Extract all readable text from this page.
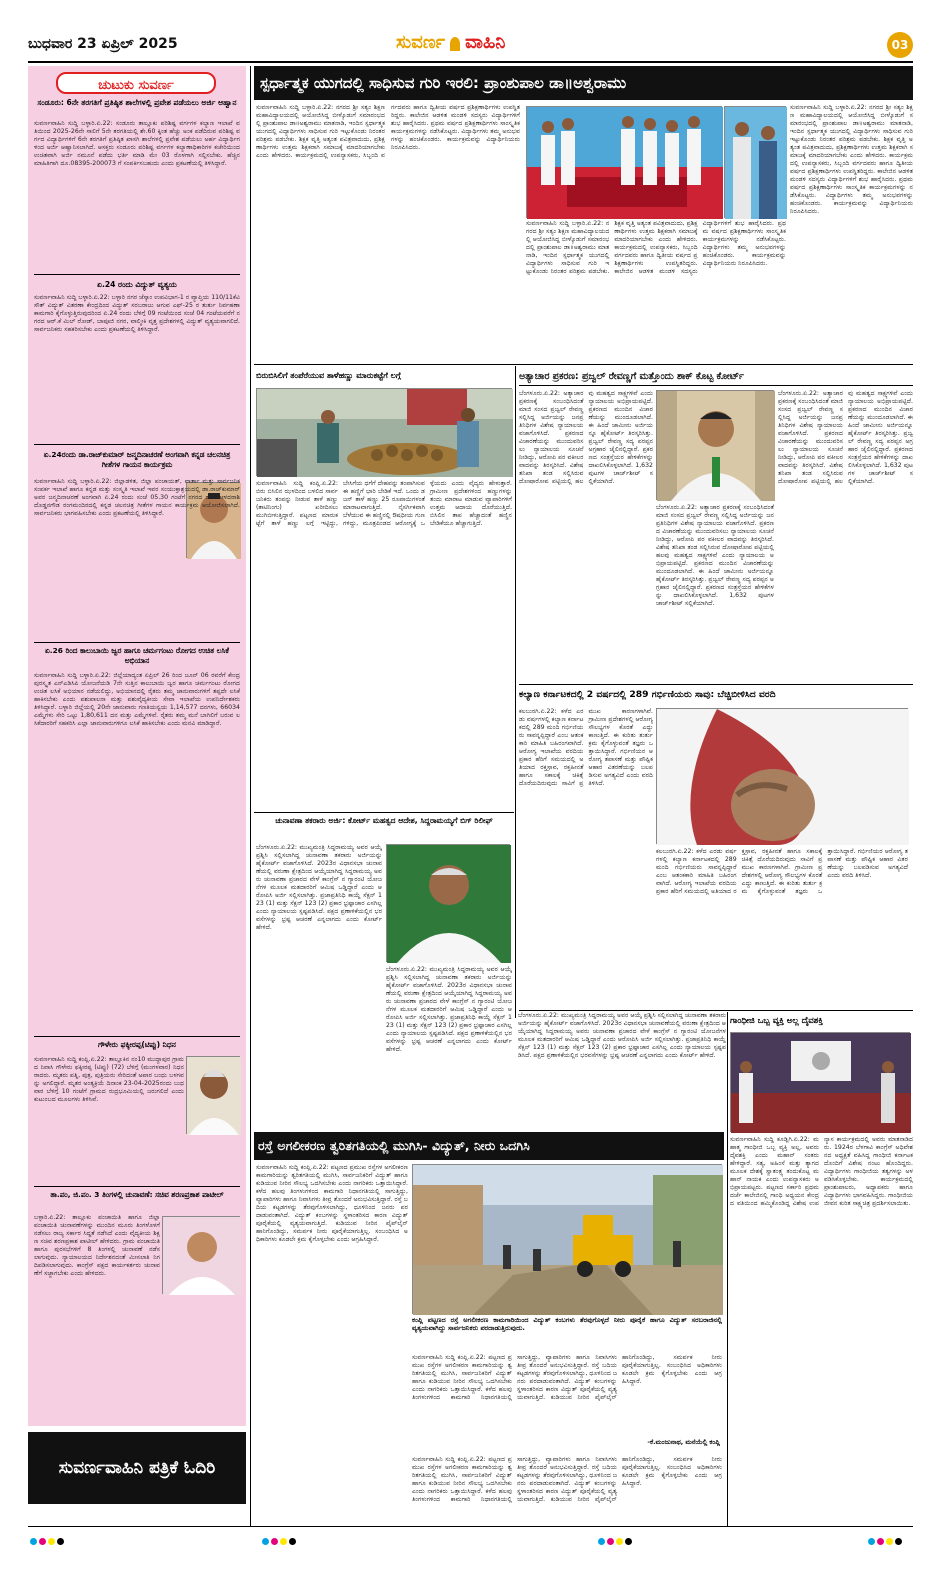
ಬುಧವಾರ 23 ಏಪ್ರಿಲ್ 2025	ಸುವರ್ಣ ವಾಹಿನಿ	03
ಚುಟುಕು ಸುವರ್ಣ
ಸಂಡೂರು: 6ನೇ ತರಗತಿಗೆ ಪ್ರತಿಷ್ಠಿತ ಶಾಲೆಗಳಲ್ಲಿ ಪ್ರವೇಶ ಪಡೆಯಲು ಅರ್ಜಿ ಆಹ್ವಾನ
ಸುವರ್ಣವಾಹಿನಿ ಸುದ್ದಿ ಬಳ್ಳಾರಿ.ಏ.22: ಸಂಡೂರು ತಾಲ್ಲೂಕು ಪರಿಶಿಷ್ಟ ವರ್ಗಗಳ ಕಲ್ಯಾಣ ಇಲಾಖೆ ವತಿಯಿಂದ 2025-26ನೇ ಸಾಲಿಗೆ 5ನೇ ತರಗತಿಯಲ್ಲಿ ಶೇ.60 ಕ್ಕಿಂತ ಹೆಚ್ಚು ಅಂಕ ಪಡೆದಿರುವ ಪರಿಶಿಷ್ಟ ವರ್ಗದ ವಿದ್ಯಾರ್ಥಿಗಳಿಗೆ 6ನೇ ತರಗತಿಗೆ ಪ್ರತಿಷ್ಠಿತ ಖಾಸಗಿ ಶಾಲೆಗಳಲ್ಲಿ ಪ್ರವೇಶ ಪಡೆಯಲು ಅರ್ಹ ವಿದ್ಯಾರ್ಥಿಗಳಿಂದ ಅರ್ಜಿ ಆಹ್ವಾನಿಸಲಾಗಿದೆ. ಆಸಕ್ತರು ಸಂಡೂರು ಪರಿಶಿಷ್ಟ ವರ್ಗಗಳ ಕಲ್ಯಾಣಾಧಿಕಾರಿಗಳ ಕಚೇರಿಯಿಂದ ಉಚಿತವಾಗಿ ಅರ್ಜಿ ನಮೂನೆ ಪಡೆದು ಭರ್ತಿ ಮಾಡಿ ಮೇ 03 ರೊಳಗಾಗಿ ಸಲ್ಲಿಸಬೇಕು. ಹೆಚ್ಚಿನ ಮಾಹಿತಿಗಾಗಿ ದೂ.08395-200073 ಗೆ ಸಂಪರ್ಕಿಸಬಹುದು ಎಂದು ಪ್ರಕಟಣೆಯಲ್ಲಿ ತಿಳಿಸಿದ್ದಾರೆ.
ಏ.24 ರಂದು ವಿದ್ಯುತ್ ವ್ಯತ್ಯಯ
ಸುವರ್ಣವಾಹಿನಿ ಸುದ್ದಿ ಬಳ್ಳಾರಿ.ಏ.22: ಬಳ್ಳಾರಿ ನಗರ ಜೆಸ್ಕಾಂ ಉಪವಿಭಾಗ-1 ರ ವ್ಯಾಪ್ತಿಯ 110/11ಕೆವಿ ಸೌತ್ ವಿದ್ಯುತ್ ವಿತರಣಾ ಕೇಂದ್ರದಿಂದ ವಿದ್ಯುತ್ ಸರಬರಾಜು ಆಗುವ ಎಫ್-25 ರ ತುರ್ತು ನಿರ್ವಹಣಾ ಕಾಮಗಾರಿ ಕೈಗೊಳ್ಳುತ್ತಿರುವುದರಿಂದ ಏ.24 ರಂದು ಬೆಳಿಗ್ಗೆ 09 ಗಂಟೆಯಿಂದ ಸಂಜೆ 04 ಗಂಟೆಯವರೆಗೆ ನಗರದ ಆರ್.ಕೆ ಮಿಲ್ ರೋಡ್, ಬಾಪೂಜಿ ನಗರ, ವಾಲ್ಮೀಕಿ ವೃತ್ತ ಪ್ರದೇಶಗಳಲ್ಲಿ ವಿದ್ಯುತ್ ವ್ಯತ್ಯಯವಾಗಲಿದೆ. ಸಾರ್ವಜನಿಕರು ಸಹಕರಿಸಬೇಕು ಎಂದು ಪ್ರಕಟಣೆಯಲ್ಲಿ ತಿಳಿಸಿದ್ದಾರೆ.
ಏ.24ರಂದು ಡಾ.ರಾಜ್‌ಕುಮಾರ್ ಜನ್ಮದಿನಾಚರಣೆ ಅಂಗವಾಗಿ ಕನ್ನಡ ಚಲನಚಿತ್ರ ಗೀತೆಗಳ ಗಾಯನ ಕಾರ್ಯಕ್ರಮ
ಸುವರ್ಣವಾಹಿನಿ ಸುದ್ದಿ ಬಳ್ಳಾರಿ.ಏ.22: ಜಿಲ್ಲಾಡಳಿತ, ಜಿಲ್ಲಾ ಪಂಚಾಯತ್, ವಾರ್ತಾ ಮತ್ತು ಸಾರ್ವಜನಿಕ ಸಂಪರ್ಕ ಇಲಾಖೆ ಹಾಗೂ ಕನ್ನಡ ಮತ್ತು ಸಂಸ್ಕೃತಿ ಇಲಾಖೆ ಇವರ ಸಂಯುಕ್ತಾಶ್ರಯದಲ್ಲಿ ಡಾ.ರಾಜ್‌ಕುಮಾರ್ ಅವರ ಜನ್ಮದಿನಾಚರಣೆ ಅಂಗವಾಗಿ ಏ.24 ರಂದು ಸಂಜೆ 05.30 ಗಂಟೆಗೆ ನಗರದ ಡಾ.ಜೋಳದರಾಶಿ ದೊಡ್ಡನಗೌಡ ರಂಗಮಂದಿರದಲ್ಲಿ ಕನ್ನಡ ಚಲನಚಿತ್ರ ಗೀತೆಗಳ ಗಾಯನ ಕಾರ್ಯಕ್ರಮ ಆಯೋಜಿಸಲಾಗಿದೆ. ಸಾರ್ವಜನಿಕರು ಭಾಗವಹಿಸಬೇಕು ಎಂದು ಪ್ರಕಟಣೆಯಲ್ಲಿ ತಿಳಿಸಿದ್ದಾರೆ.
ಏ.26 ರಿಂದ ಕಾಲುಬಾಯಿ ಜ್ವರ ಹಾಗೂ ಚರ್ಮಗಂಟು ರೋಗದ ಉಚಿತ ಲಸಿಕೆ ಅಭಿಯಾನ
ಸುವರ್ಣವಾಹಿನಿ ಸುದ್ದಿ ಬಳ್ಳಾರಿ.ಏ.22: ಜಿಲ್ಲೆಯಾದ್ಯಂತ ಏಪ್ರಿಲ್ 26 ರಿಂದ ಜೂನ್ 06 ರವರೆಗೆ ಕೇಂದ್ರ ಪುರಸ್ಕೃತ ಎನ್‌ಎಡಿಸಿಪಿ ಯೋಜನೆಯಡಿ 7ನೇ ಸುತ್ತಿನ ಕಾಲುಬಾಯಿ ಜ್ವರ ಹಾಗೂ ಚರ್ಮಗಂಟು ರೋಗದ ಉಚಿತ ಲಸಿಕೆ ಅಭಿಯಾನ ನಡೆಯಲಿದ್ದು, ಅಭಿಯಾನದಲ್ಲಿ ರೈತರು ತಮ್ಮ ಜಾನುವಾರುಗಳಿಗೆ ತಪ್ಪದೇ ಲಸಿಕೆ ಹಾಕಿಸಬೇಕು ಎಂದು ಪಶುಪಾಲನಾ ಮತ್ತು ಪಶುವೈದ್ಯಕೀಯ ಸೇವಾ ಇಲಾಖೆಯ ಉಪನಿರ್ದೇಶಕರು ತಿಳಿಸಿದ್ದಾರೆ. ಬಳ್ಳಾರಿ ಜಿಲ್ಲೆಯಲ್ಲಿ 20ನೇ ಜಾನುವಾರು ಗಣತಿಯನ್ವಯ 1,14,577 ದನಗಳು, 66034 ಎಮ್ಮೆಗಳು ಸೇರಿ ಒಟ್ಟು 1,80,611 ದನ ಮತ್ತು ಎಮ್ಮೆಗಳಿವೆ. ರೈತರು ತಮ್ಮ ಮನೆ ಬಾಗಿಲಿಗೆ ಬರುವ ಲಸಿಕೆದಾರರಿಗೆ ಸಹಕರಿಸಿ ಎಲ್ಲಾ ಜಾನುವಾರುಗಳಿಗೂ ಲಸಿಕೆ ಹಾಕಿಸಬೇಕು ಎಂದು ಮನವಿ ಮಾಡಿದ್ದಾರೆ.
ಗೌಳೇರು ಫಕ್ಕೀರಪ್ಪ(ಟಿಪ್ಪು) ನಿಧನ
ಸುವರ್ಣವಾಹಿನಿ ಸುದ್ದಿ ಕಂಪ್ಲಿ.ಏ.22: ತಾಲ್ಲೂಕಿನ ನಂ10 ಮುದ್ದಾಪುರ ಗ್ರಾಮದ ನಿವಾಸಿ ಗೌಳೇರು ಫಕ್ಕೀರಪ್ಪ (ಟಿಪ್ಪು) (72) ಬೆಳಿಗ್ಗೆ (ಮಂಗಳವಾರ) ನಿಧನರಾದರು. ಮೃತರು ಪತ್ನಿ, ಪುತ್ರ, ಪುತ್ರಿಯರು ಸೇರಿದಂತೆ ಅಪಾರ ಬಂಧು ಬಳಗವನ್ನು ಅಗಲಿದ್ದಾರೆ. ಮೃತರ ಅಂತ್ಯಕ್ರಿಯೆ ದಿನಾಂಕ 23-04-2025ರಂದು ಬುಧವಾರ ಬೆಳಿಗ್ಗೆ 10 ಗಂಟೆಗೆ ಗ್ರಾಮದ ರುದ್ರಭೂಮಿಯಲ್ಲಿ ಜರುಗಲಿದೆ ಎಂದು ಕುಟುಂಬದ ಮೂಲಗಳು ತಿಳಿಸಿವೆ.
ತಾ.ಪಂ, ಜಿ.ಪಂ. 3 ತಿಂಗಳಲ್ಲಿ ಚುನಾವಣೆ: ಸಚಿವ ಶರಣಪ್ರಕಾಶ ಪಾಟೀಲ್
ಬಳ್ಳಾರಿ.ಏ.22: ತಾಲ್ಲೂಕು ಪಂಚಾಯಿತಿ ಹಾಗೂ ಜಿಲ್ಲಾ ಪಂಚಾಯಿತಿ ಚುನಾವಣೆಗಳನ್ನು ಮುಂದಿನ ಮೂರು ತಿಂಗಳೊಳಗೆ ನಡೆಸಲು ರಾಜ್ಯ ಸರ್ಕಾರ ಸಿದ್ಧತೆ ನಡೆಸಿದೆ ಎಂದು ವೈದ್ಯಕೀಯ ಶಿಕ್ಷಣ ಸಚಿವ ಶರಣಪ್ರಕಾಶ ಪಾಟೀಲ್ ಹೇಳಿದರು. ಗ್ರಾಮ ಪಂಚಾಯಿತಿ ಹಾಗೂ ಪುರಸಭೆಗಳಿಗೆ 8 ತಿಂಗಳಲ್ಲಿ ಚುನಾವಣೆ ನಡೆಸಲಾಗುವುದು. ನ್ಯಾಯಾಲಯದ ನಿರ್ದೇಶನದಂತೆ ಮೀಸಲಾತಿ ನಿಗದಿಪಡಿಸಲಾಗುವುದು. ಕಾಂಗ್ರೆಸ್ ಪಕ್ಷದ ಕಾರ್ಯಕರ್ತರು ಚುನಾವಣೆಗೆ ಸಜ್ಜಾಗಬೇಕು ಎಂದು ಹೇಳಿದರು.
ಸುವರ್ಣವಾಹಿನಿ ಪತ್ರಿಕೆ ಓದಿರಿ
ಸ್ಪರ್ಧಾತ್ಮಕ ಯುಗದಲ್ಲಿ ಸಾಧಿಸುವ ಗುರಿ ಇರಲಿ: ಪ್ರಾಂಶುಪಾಲ ಡಾ॥ಅಶ್ವರಾಮು
ಸುವರ್ಣವಾಹಿನಿ ಸುದ್ದಿ ಬಳ್ಳಾರಿ.ಏ.22: ನಗರದ ಶ್ರೀ ಸತ್ಯಂ ಶಿಕ್ಷಣ ಮಹಾವಿದ್ಯಾಲಯದಲ್ಲಿ ಆಯೋಜಿಸಿದ್ದ ಬೀಳ್ಕೊಡುಗೆ ಸಮಾರಂಭದಲ್ಲಿ ಪ್ರಾಂಶುಪಾಲ ಡಾ॥ಅಶ್ವರಾಮು ಮಾತನಾಡಿ, ಇಂದಿನ ಸ್ಪರ್ಧಾತ್ಮಕ ಯುಗದಲ್ಲಿ ವಿದ್ಯಾರ್ಥಿಗಳು ಸಾಧಿಸುವ ಗುರಿ ಇಟ್ಟುಕೊಂಡು ನಿರಂತರ ಪರಿಶ್ರಮ ಪಡಬೇಕು. ಶಿಕ್ಷಕ ವೃತ್ತಿ ಅತ್ಯಂತ ಪವಿತ್ರವಾದುದು, ಪ್ರಶಿಕ್ಷಣಾರ್ಥಿಗಳು ಉತ್ತಮ ಶಿಕ್ಷಕರಾಗಿ ಸಮಾಜಕ್ಕೆ ಮಾದರಿಯಾಗಬೇಕು ಎಂದು ಹೇಳಿದರು. ಕಾರ್ಯಕ್ರಮದಲ್ಲಿ ಉಪನ್ಯಾಸಕರು, ಸಿಬ್ಬಂದಿ ವರ್ಗದವರು ಹಾಗೂ ದ್ವಿತೀಯ ವರ್ಷದ ಪ್ರಶಿಕ್ಷಣಾರ್ಥಿಗಳು ಉಪಸ್ಥಿತರಿದ್ದರು. ಕಾಲೇಜಿನ ಆಡಳಿತ ಮಂಡಳಿ ಸದಸ್ಯರು ವಿದ್ಯಾರ್ಥಿಗಳಿಗೆ ಶುಭ ಹಾರೈಸಿದರು. ಪ್ರಥಮ ವರ್ಷದ ಪ್ರಶಿಕ್ಷಣಾರ್ಥಿಗಳು ಸಾಂಸ್ಕೃತಿಕ ಕಾರ್ಯಕ್ರಮಗಳನ್ನು ನಡೆಸಿಕೊಟ್ಟರು. ವಿದ್ಯಾರ್ಥಿಗಳು ತಮ್ಮ ಅನುಭವಗಳನ್ನು ಹಂಚಿಕೊಂಡರು. ಕಾರ್ಯಕ್ರಮವನ್ನು ವಿದ್ಯಾರ್ಥಿನಿಯರು ನಿರೂಪಿಸಿದರು.
ಸುವರ್ಣವಾಹಿನಿ ಸುದ್ದಿ ಬಳ್ಳಾರಿ.ಏ.22: ನಗರದ ಶ್ರೀ ಸತ್ಯಂ ಶಿಕ್ಷಣ ಮಹಾವಿದ್ಯಾಲಯದಲ್ಲಿ ಆಯೋಜಿಸಿದ್ದ ಬೀಳ್ಕೊಡುಗೆ ಸಮಾರಂಭದಲ್ಲಿ ಪ್ರಾಂಶುಪಾಲ ಡಾ॥ಅಶ್ವರಾಮು ಮಾತನಾಡಿ, ಇಂದಿನ ಸ್ಪರ್ಧಾತ್ಮಕ ಯುಗದಲ್ಲಿ ವಿದ್ಯಾರ್ಥಿಗಳು ಸಾಧಿಸುವ ಗುರಿ ಇಟ್ಟುಕೊಂಡು ನಿರಂತರ ಪರಿಶ್ರಮ ಪಡಬೇಕು. ಶಿಕ್ಷಕ ವೃತ್ತಿ ಅತ್ಯಂತ ಪವಿತ್ರವಾದುದು, ಪ್ರಶಿಕ್ಷಣಾರ್ಥಿಗಳು ಉತ್ತಮ ಶಿಕ್ಷಕರಾಗಿ ಸಮಾಜಕ್ಕೆ ಮಾದರಿಯಾಗಬೇಕು ಎಂದು ಹೇಳಿದರು. ಕಾರ್ಯಕ್ರಮದಲ್ಲಿ ಉಪನ್ಯಾಸಕರು, ಸಿಬ್ಬಂದಿ ವರ್ಗದವರು ಹಾಗೂ ದ್ವಿತೀಯ ವರ್ಷದ ಪ್ರಶಿಕ್ಷಣಾರ್ಥಿಗಳು ಉಪಸ್ಥಿತರಿದ್ದರು. ಕಾಲೇಜಿನ ಆಡಳಿತ ಮಂಡಳಿ ಸದಸ್ಯರು ವಿದ್ಯಾರ್ಥಿಗಳಿಗೆ ಶುಭ ಹಾರೈಸಿದರು. ಪ್ರಥಮ ವರ್ಷದ ಪ್ರಶಿಕ್ಷಣಾರ್ಥಿಗಳು ಸಾಂಸ್ಕೃತಿಕ ಕಾರ್ಯಕ್ರಮಗಳನ್ನು ನಡೆಸಿಕೊಟ್ಟರು. ವಿದ್ಯಾರ್ಥಿಗಳು ತಮ್ಮ ಅನುಭವಗಳನ್ನು ಹಂಚಿಕೊಂಡರು. ಕಾರ್ಯಕ್ರಮವನ್ನು ವಿದ್ಯಾರ್ಥಿನಿಯರು ನಿರೂಪಿಸಿದರು.
ಸುವರ್ಣವಾಹಿನಿ ಸುದ್ದಿ ಬಳ್ಳಾರಿ.ಏ.22: ನಗರದ ಶ್ರೀ ಸತ್ಯಂ ಶಿಕ್ಷಣ ಮಹಾವಿದ್ಯಾಲಯದಲ್ಲಿ ಆಯೋಜಿಸಿದ್ದ ಬೀಳ್ಕೊಡುಗೆ ಸಮಾರಂಭದಲ್ಲಿ ಪ್ರಾಂಶುಪಾಲ ಡಾ॥ಅಶ್ವರಾಮು ಮಾತನಾಡಿ, ಇಂದಿನ ಸ್ಪರ್ಧಾತ್ಮಕ ಯುಗದಲ್ಲಿ ವಿದ್ಯಾರ್ಥಿಗಳು ಸಾಧಿಸುವ ಗುರಿ ಇಟ್ಟುಕೊಂಡು ನಿರಂತರ ಪರಿಶ್ರಮ ಪಡಬೇಕು. ಶಿಕ್ಷಕ ವೃತ್ತಿ ಅತ್ಯಂತ ಪವಿತ್ರವಾದುದು, ಪ್ರಶಿಕ್ಷಣಾರ್ಥಿಗಳು ಉತ್ತಮ ಶಿಕ್ಷಕರಾಗಿ ಸಮಾಜಕ್ಕೆ ಮಾದರಿಯಾಗಬೇಕು ಎಂದು ಹೇಳಿದರು. ಕಾರ್ಯಕ್ರಮದಲ್ಲಿ ಉಪನ್ಯಾಸಕರು, ಸಿಬ್ಬಂದಿ ವರ್ಗದವರು ಹಾಗೂ ದ್ವಿತೀಯ ವರ್ಷದ ಪ್ರಶಿಕ್ಷಣಾರ್ಥಿಗಳು ಉಪಸ್ಥಿತರಿದ್ದರು. ಕಾಲೇಜಿನ ಆಡಳಿತ ಮಂಡಳಿ ಸದಸ್ಯರು ವಿದ್ಯಾರ್ಥಿಗಳಿಗೆ ಶುಭ ಹಾರೈಸಿದರು. ಪ್ರಥಮ ವರ್ಷದ ಪ್ರಶಿಕ್ಷಣಾರ್ಥಿಗಳು ಸಾಂಸ್ಕೃತಿಕ ಕಾರ್ಯಕ್ರಮಗಳನ್ನು ನಡೆಸಿಕೊಟ್ಟರು. ವಿದ್ಯಾರ್ಥಿಗಳು ತಮ್ಮ ಅನುಭವಗಳನ್ನು ಹಂಚಿಕೊಂಡರು. ಕಾರ್ಯಕ್ರಮವನ್ನು ವಿದ್ಯಾರ್ಥಿನಿಯರು ನಿರೂಪಿಸಿದರು.
ಬಿರುಬಿಸಿಲಿಗೆ ತಂಪೆರೆಯುವ ತಾಳೆಹಣ್ಣು ಮಾರುಕಟ್ಟೆಗೆ ಲಗ್ಗೆ
ಸುವರ್ಣವಾಹಿನಿ ಸುದ್ದಿ ಕಂಪ್ಲಿ.ಏ.22: ಬಿರು ಬಿಸಿಲಿನ ಝಳದಿಂದ ಬಳಲಿದ ಸಾರ್ವಜನಿಕರು ತಂಪನ್ನು ನೀಡುವ ತಾಳೆ ಹಣ್ಣು (ತಾಟಿನಿಂಗು) ಖರೀದಿಸಲು ಮುಗಿಬೀಳುತ್ತಿದ್ದಾರೆ. ಪಟ್ಟಣದ ಮಾರುಕಟ್ಟೆಗೆ ತಾಳೆ ಹಣ್ಣು ಲಗ್ಗೆ ಇಟ್ಟಿದ್ದು, ಬೇಸಿಗೆಯ ಧಗೆಗೆ ದೇಹವನ್ನು ತಂಪಾಗಿಸುವ ಈ ಹಣ್ಣಿಗೆ ಭಾರಿ ಬೇಡಿಕೆ ಇದೆ. ಒಂದು ಡಜನ್ ತಾಳೆ ಹಣ್ಣು 25 ರೂಪಾಯಿಗಳಂತೆ ಮಾರಾಟವಾಗುತ್ತಿದೆ. ನೈಸರ್ಗಿಕವಾಗಿ ಬೆಳೆಯುವ ಈ ಹಣ್ಣಿನಲ್ಲಿ ಔಷಧೀಯ ಗುಣಗಳಿದ್ದು, ಮೂತ್ರಪಿಂಡದ ಆರೋಗ್ಯಕ್ಕೆ ಒಳ್ಳೆಯದು ಎಂದು ವೈದ್ಯರು ಹೇಳುತ್ತಾರೆ. ಗ್ರಾಮೀಣ ಪ್ರದೇಶಗಳಿಂದ ಹಣ್ಣುಗಳನ್ನು ತಂದು ಮಾರಾಟ ಮಾಡುವ ವ್ಯಾಪಾರಿಗಳಿಗೆ ಉತ್ತಮ ಆದಾಯ ದೊರೆಯುತ್ತಿದೆ. ಬಿಸಿಲಿನ ತಾಪ ಹೆಚ್ಚಾದಂತೆ ಹಣ್ಣಿನ ಬೇಡಿಕೆಯೂ ಹೆಚ್ಚಾಗುತ್ತಿದೆ.
ಚುನಾವಣಾ ತಕರಾರು ಅರ್ಜಿ: ಕೋರ್ಟ್ ಮಹತ್ವದ ಆದೇಶ, ಸಿದ್ದರಾಮಯ್ಯಗೆ ಬಿಗ್ ರಿಲೀಫ್
ಬೆಂಗಳೂರು.ಏ.22: ಮುಖ್ಯಮಂತ್ರಿ ಸಿದ್ದರಾಮಯ್ಯ ಅವರ ಆಯ್ಕೆ ಪ್ರಶ್ನಿಸಿ ಸಲ್ಲಿಸಲಾಗಿದ್ದ ಚುನಾವಣಾ ತಕರಾರು ಅರ್ಜಿಯನ್ನು ಹೈಕೋರ್ಟ್ ವಜಾಗೊಳಿಸಿದೆ. 2023ರ ವಿಧಾನಸಭಾ ಚುನಾವಣೆಯಲ್ಲಿ ವರುಣಾ ಕ್ಷೇತ್ರದಿಂದ ಆಯ್ಕೆಯಾಗಿದ್ದ ಸಿದ್ದರಾಮಯ್ಯ ಅವರು ಚುನಾವಣಾ ಪ್ರಚಾರದ ವೇಳೆ ಕಾಂಗ್ರೆಸ್ ನ ಗ್ಯಾರಂಟಿ ಯೋಜನೆಗಳ ಮೂಲಕ ಮತದಾರರಿಗೆ ಆಮಿಷ ಒಡ್ಡಿದ್ದಾರೆ ಎಂದು ಆರೋಪಿಸಿ ಅರ್ಜಿ ಸಲ್ಲಿಸಲಾಗಿತ್ತು. ಪ್ರಜಾಪ್ರತಿನಿಧಿ ಕಾಯ್ದೆ ಸೆಕ್ಷನ್ 123 (1) ಮತ್ತು ಸೆಕ್ಷನ್ 123 (2) ಪ್ರಕಾರ ಭ್ರಷ್ಟಾಚಾರ ಎಸಗಿಲ್ಲ ಎಂದು ನ್ಯಾಯಾಲಯ ಸ್ಪಷ್ಟಪಡಿಸಿದೆ. ಪಕ್ಷದ ಪ್ರಣಾಳಿಕೆಯಲ್ಲಿನ ಭರವಸೆಗಳನ್ನು ಭ್ರಷ್ಟ ಆಚರಣೆ ಎನ್ನಲಾಗದು ಎಂದು ಕೋರ್ಟ್ ಹೇಳಿದೆ.
ಬೆಂಗಳೂರು.ಏ.22: ಮುಖ್ಯಮಂತ್ರಿ ಸಿದ್ದರಾಮಯ್ಯ ಅವರ ಆಯ್ಕೆ ಪ್ರಶ್ನಿಸಿ ಸಲ್ಲಿಸಲಾಗಿದ್ದ ಚುನಾವಣಾ ತಕರಾರು ಅರ್ಜಿಯನ್ನು ಹೈಕೋರ್ಟ್ ವಜಾಗೊಳಿಸಿದೆ. 2023ರ ವಿಧಾನಸಭಾ ಚುನಾವಣೆಯಲ್ಲಿ ವರುಣಾ ಕ್ಷೇತ್ರದಿಂದ ಆಯ್ಕೆಯಾಗಿದ್ದ ಸಿದ್ದರಾಮಯ್ಯ ಅವರು ಚುನಾವಣಾ ಪ್ರಚಾರದ ವೇಳೆ ಕಾಂಗ್ರೆಸ್ ನ ಗ್ಯಾರಂಟಿ ಯೋಜನೆಗಳ ಮೂಲಕ ಮತದಾರರಿಗೆ ಆಮಿಷ ಒಡ್ಡಿದ್ದಾರೆ ಎಂದು ಆರೋಪಿಸಿ ಅರ್ಜಿ ಸಲ್ಲಿಸಲಾಗಿತ್ತು. ಪ್ರಜಾಪ್ರತಿನಿಧಿ ಕಾಯ್ದೆ ಸೆಕ್ಷನ್ 123 (1) ಮತ್ತು ಸೆಕ್ಷನ್ 123 (2) ಪ್ರಕಾರ ಭ್ರಷ್ಟಾಚಾರ ಎಸಗಿಲ್ಲ ಎಂದು ನ್ಯಾಯಾಲಯ ಸ್ಪಷ್ಟಪಡಿಸಿದೆ. ಪಕ್ಷದ ಪ್ರಣಾಳಿಕೆಯಲ್ಲಿನ ಭರವಸೆಗಳನ್ನು ಭ್ರಷ್ಟ ಆಚರಣೆ ಎನ್ನಲಾಗದು ಎಂದು ಕೋರ್ಟ್ ಹೇಳಿದೆ.
ಬೆಂಗಳೂರು.ಏ.22: ಮುಖ್ಯಮಂತ್ರಿ ಸಿದ್ದರಾಮಯ್ಯ ಅವರ ಆಯ್ಕೆ ಪ್ರಶ್ನಿಸಿ ಸಲ್ಲಿಸಲಾಗಿದ್ದ ಚುನಾವಣಾ ತಕರಾರು ಅರ್ಜಿಯನ್ನು ಹೈಕೋರ್ಟ್ ವಜಾಗೊಳಿಸಿದೆ. 2023ರ ವಿಧಾನಸಭಾ ಚುನಾವಣೆಯಲ್ಲಿ ವರುಣಾ ಕ್ಷೇತ್ರದಿಂದ ಆಯ್ಕೆಯಾಗಿದ್ದ ಸಿದ್ದರಾಮಯ್ಯ ಅವರು ಚುನಾವಣಾ ಪ್ರಚಾರದ ವೇಳೆ ಕಾಂಗ್ರೆಸ್ ನ ಗ್ಯಾರಂಟಿ ಯೋಜನೆಗಳ ಮೂಲಕ ಮತದಾರರಿಗೆ ಆಮಿಷ ಒಡ್ಡಿದ್ದಾರೆ ಎಂದು ಆರೋಪಿಸಿ ಅರ್ಜಿ ಸಲ್ಲಿಸಲಾಗಿತ್ತು. ಪ್ರಜಾಪ್ರತಿನಿಧಿ ಕಾಯ್ದೆ ಸೆಕ್ಷನ್ 123 (1) ಮತ್ತು ಸೆಕ್ಷನ್ 123 (2) ಪ್ರಕಾರ ಭ್ರಷ್ಟಾಚಾರ ಎಸಗಿಲ್ಲ ಎಂದು ನ್ಯಾಯಾಲಯ ಸ್ಪಷ್ಟಪಡಿಸಿದೆ. ಪಕ್ಷದ ಪ್ರಣಾಳಿಕೆಯಲ್ಲಿನ ಭರವಸೆಗಳನ್ನು ಭ್ರಷ್ಟ ಆಚರಣೆ ಎನ್ನಲಾಗದು ಎಂದು ಕೋರ್ಟ್ ಹೇಳಿದೆ.
ಅತ್ಯಾಚಾರ ಪ್ರಕರಣ: ಪ್ರಜ್ವಲ್ ರೇವಣ್ಣಗೆ ಮತ್ತೊಂದು ಶಾಕ್ ಕೊಟ್ಟ ಕೋರ್ಟ್
ಬೆಂಗಳೂರು.ಏ.22: ಅತ್ಯಾಚಾರ ಪ್ರಕರಣಕ್ಕೆ ಸಂಬಂಧಿಸಿದಂತೆ ಮಾಜಿ ಸಂಸದ ಪ್ರಜ್ವಲ್ ರೇವಣ್ಣ ಸಲ್ಲಿಸಿದ್ದ ಅರ್ಜಿಯನ್ನು ಜನಪ್ರತಿನಿಧಿಗಳ ವಿಶೇಷ ನ್ಯಾಯಾಲಯ ವಜಾಗೊಳಿಸಿದೆ. ಪ್ರಕರಣದ ವಿಚಾರಣೆಯನ್ನು ಮುಂದುವರಿಸಲು ನ್ಯಾಯಾಲಯ ಸೂಚನೆ ನೀಡಿದ್ದು, ಆರೋಪಿ ಪರ ವಕೀಲರ ವಾದವನ್ನು ತಿರಸ್ಕರಿಸಿದೆ. ವಿಶೇಷ ತನಿಖಾ ತಂಡ ಸಲ್ಲಿಸಿರುವ ದೋಷಾರೋಪ ಪಟ್ಟಿಯಲ್ಲಿ ಹಲವು ಮಹತ್ವದ ಸಾಕ್ಷ್ಯಗಳಿವೆ ಎಂದು ನ್ಯಾಯಾಲಯ ಅಭಿಪ್ರಾಯಪಟ್ಟಿದೆ. ಪ್ರಕರಣದ ಮುಂದಿನ ವಿಚಾರಣೆಯನ್ನು ಮುಂದೂಡಲಾಗಿದೆ. ಈ ಹಿಂದೆ ಜಾಮೀನು ಅರ್ಜಿಯನ್ನೂ ಹೈಕೋರ್ಟ್ ತಿರಸ್ಕರಿಸಿತ್ತು. ಪ್ರಜ್ವಲ್ ರೇವಣ್ಣ ಸದ್ಯ ಪರಪ್ಪನ ಅಗ್ರಹಾರ ಜೈಲಿನಲ್ಲಿದ್ದಾರೆ. ಪ್ರಕರಣದ ಸಂತ್ರಸ್ತೆಯರ ಹೇಳಿಕೆಗಳನ್ನು ದಾಖಲಿಸಿಕೊಳ್ಳಲಾಗಿದೆ. 1,632 ಪುಟಗಳ ಚಾರ್ಜ್‌ಶೀಟ್ ಸಲ್ಲಿಕೆಯಾಗಿದೆ.
ಬೆಂಗಳೂರು.ಏ.22: ಅತ್ಯಾಚಾರ ಪ್ರಕರಣಕ್ಕೆ ಸಂಬಂಧಿಸಿದಂತೆ ಮಾಜಿ ಸಂಸದ ಪ್ರಜ್ವಲ್ ರೇವಣ್ಣ ಸಲ್ಲಿಸಿದ್ದ ಅರ್ಜಿಯನ್ನು ಜನಪ್ರತಿನಿಧಿಗಳ ವಿಶೇಷ ನ್ಯಾಯಾಲಯ ವಜಾಗೊಳಿಸಿದೆ. ಪ್ರಕರಣದ ವಿಚಾರಣೆಯನ್ನು ಮುಂದುವರಿಸಲು ನ್ಯಾಯಾಲಯ ಸೂಚನೆ ನೀಡಿದ್ದು, ಆರೋಪಿ ಪರ ವಕೀಲರ ವಾದವನ್ನು ತಿರಸ್ಕರಿಸಿದೆ. ವಿಶೇಷ ತನಿಖಾ ತಂಡ ಸಲ್ಲಿಸಿರುವ ದೋಷಾರೋಪ ಪಟ್ಟಿಯಲ್ಲಿ ಹಲವು ಮಹತ್ವದ ಸಾಕ್ಷ್ಯಗಳಿವೆ ಎಂದು ನ್ಯಾಯಾಲಯ ಅಭಿಪ್ರಾಯಪಟ್ಟಿದೆ. ಪ್ರಕರಣದ ಮುಂದಿನ ವಿಚಾರಣೆಯನ್ನು ಮುಂದೂಡಲಾಗಿದೆ. ಈ ಹಿಂದೆ ಜಾಮೀನು ಅರ್ಜಿಯನ್ನೂ ಹೈಕೋರ್ಟ್ ತಿರಸ್ಕರಿಸಿತ್ತು. ಪ್ರಜ್ವಲ್ ರೇವಣ್ಣ ಸದ್ಯ ಪರಪ್ಪನ ಅಗ್ರಹಾರ ಜೈಲಿನಲ್ಲಿದ್ದಾರೆ. ಪ್ರಕರಣದ ಸಂತ್ರಸ್ತೆಯರ ಹೇಳಿಕೆಗಳನ್ನು ದಾಖಲಿಸಿಕೊಳ್ಳಲಾಗಿದೆ. 1,632 ಪುಟಗಳ ಚಾರ್ಜ್‌ಶೀಟ್ ಸಲ್ಲಿಕೆಯಾಗಿದೆ.
ಬೆಂಗಳೂರು.ಏ.22: ಅತ್ಯಾಚಾರ ಪ್ರಕರಣಕ್ಕೆ ಸಂಬಂಧಿಸಿದಂತೆ ಮಾಜಿ ಸಂಸದ ಪ್ರಜ್ವಲ್ ರೇವಣ್ಣ ಸಲ್ಲಿಸಿದ್ದ ಅರ್ಜಿಯನ್ನು ಜನಪ್ರತಿನಿಧಿಗಳ ವಿಶೇಷ ನ್ಯಾಯಾಲಯ ವಜಾಗೊಳಿಸಿದೆ. ಪ್ರಕರಣದ ವಿಚಾರಣೆಯನ್ನು ಮುಂದುವರಿಸಲು ನ್ಯಾಯಾಲಯ ಸೂಚನೆ ನೀಡಿದ್ದು, ಆರೋಪಿ ಪರ ವಕೀಲರ ವಾದವನ್ನು ತಿರಸ್ಕರಿಸಿದೆ. ವಿಶೇಷ ತನಿಖಾ ತಂಡ ಸಲ್ಲಿಸಿರುವ ದೋಷಾರೋಪ ಪಟ್ಟಿಯಲ್ಲಿ ಹಲವು ಮಹತ್ವದ ಸಾಕ್ಷ್ಯಗಳಿವೆ ಎಂದು ನ್ಯಾಯಾಲಯ ಅಭಿಪ್ರಾಯಪಟ್ಟಿದೆ. ಪ್ರಕರಣದ ಮುಂದಿನ ವಿಚಾರಣೆಯನ್ನು ಮುಂದೂಡಲಾಗಿದೆ. ಈ ಹಿಂದೆ ಜಾಮೀನು ಅರ್ಜಿಯನ್ನೂ ಹೈಕೋರ್ಟ್ ತಿರಸ್ಕರಿಸಿತ್ತು. ಪ್ರಜ್ವಲ್ ರೇವಣ್ಣ ಸದ್ಯ ಪರಪ್ಪನ ಅಗ್ರಹಾರ ಜೈಲಿನಲ್ಲಿದ್ದಾರೆ. ಪ್ರಕರಣದ ಸಂತ್ರಸ್ತೆಯರ ಹೇಳಿಕೆಗಳನ್ನು ದಾಖಲಿಸಿಕೊಳ್ಳಲಾಗಿದೆ. 1,632 ಪುಟಗಳ ಚಾರ್ಜ್‌ಶೀಟ್ ಸಲ್ಲಿಕೆಯಾಗಿದೆ.
ಕಲ್ಯಾಣ ಕರ್ನಾಟಕದಲ್ಲಿ 2 ವರ್ಷದಲ್ಲಿ 289 ಗರ್ಭಿಣಿಯರು ಸಾವು: ಬೆಚ್ಚಿಬೀಳಿಸಿದ ವರದಿ
ಕಲಬುರಗಿ.ಏ.22: ಕಳೆದ ಎರಡು ವರ್ಷಗಳಲ್ಲಿ ಕಲ್ಯಾಣ ಕರ್ನಾಟಕದಲ್ಲಿ 289 ಮಂದಿ ಗರ್ಭಿಣಿಯರು ಸಾವನ್ನಪ್ಪಿದ್ದಾರೆ ಎಂಬ ಆತಂಕಕಾರಿ ಮಾಹಿತಿ ಬಹಿರಂಗವಾಗಿದೆ. ಆರೋಗ್ಯ ಇಲಾಖೆಯ ವರದಿಯ ಪ್ರಕಾರ ಹೆರಿಗೆ ಸಮಯದಲ್ಲಿ ಅತಿಯಾದ ರಕ್ತಸ್ರಾವ, ರಕ್ತಹೀನತೆ ಹಾಗೂ ಸಕಾಲಕ್ಕೆ ಚಿಕಿತ್ಸೆ ದೊರೆಯದಿರುವುದು ಸಾವಿಗೆ ಪ್ರಮುಖ ಕಾರಣಗಳಾಗಿವೆ. ಗ್ರಾಮೀಣ ಪ್ರದೇಶಗಳಲ್ಲಿ ಆರೋಗ್ಯ ಸೌಲಭ್ಯಗಳ ಕೊರತೆ ಎದ್ದು ಕಾಣುತ್ತಿದೆ. ಈ ಕುರಿತು ತುರ್ತು ಕ್ರಮ ಕೈಗೊಳ್ಳುವಂತೆ ತಜ್ಞರು ಒತ್ತಾಯಿಸಿದ್ದಾರೆ. ಗರ್ಭಿಣಿಯರ ಆರೋಗ್ಯ ತಪಾಸಣೆ ಮತ್ತು ಪೌಷ್ಟಿಕ ಆಹಾರ ವಿತರಣೆಯನ್ನು ಬಲಪಡಿಸುವ ಅಗತ್ಯವಿದೆ ಎಂದು ವರದಿ ತಿಳಿಸಿದೆ.
ಕಲಬುರಗಿ.ಏ.22: ಕಳೆದ ಎರಡು ವರ್ಷಗಳಲ್ಲಿ ಕಲ್ಯಾಣ ಕರ್ನಾಟಕದಲ್ಲಿ 289 ಮಂದಿ ಗರ್ಭಿಣಿಯರು ಸಾವನ್ನಪ್ಪಿದ್ದಾರೆ ಎಂಬ ಆತಂಕಕಾರಿ ಮಾಹಿತಿ ಬಹಿರಂಗವಾಗಿದೆ. ಆರೋಗ್ಯ ಇಲಾಖೆಯ ವರದಿಯ ಪ್ರಕಾರ ಹೆರಿಗೆ ಸಮಯದಲ್ಲಿ ಅತಿಯಾದ ರಕ್ತಸ್ರಾವ, ರಕ್ತಹೀನತೆ ಹಾಗೂ ಸಕಾಲಕ್ಕೆ ಚಿಕಿತ್ಸೆ ದೊರೆಯದಿರುವುದು ಸಾವಿಗೆ ಪ್ರಮುಖ ಕಾರಣಗಳಾಗಿವೆ. ಗ್ರಾಮೀಣ ಪ್ರದೇಶಗಳಲ್ಲಿ ಆರೋಗ್ಯ ಸೌಲಭ್ಯಗಳ ಕೊರತೆ ಎದ್ದು ಕಾಣುತ್ತಿದೆ. ಈ ಕುರಿತು ತುರ್ತು ಕ್ರಮ ಕೈಗೊಳ್ಳುವಂತೆ ತಜ್ಞರು ಒತ್ತಾಯಿಸಿದ್ದಾರೆ. ಗರ್ಭಿಣಿಯರ ಆರೋಗ್ಯ ತಪಾಸಣೆ ಮತ್ತು ಪೌಷ್ಟಿಕ ಆಹಾರ ವಿತರಣೆಯನ್ನು ಬಲಪಡಿಸುವ ಅಗತ್ಯವಿದೆ ಎಂದು ವರದಿ ತಿಳಿಸಿದೆ.
ಗಾಂಧೀಜಿ ಒಬ್ಬ ವ್ಯಕ್ತಿ ಅಲ್ಲ ದೈವಶಕ್ತಿ
ಸುವರ್ಣವಾಹಿನಿ ಸುದ್ದಿ ಕೂಡ್ಲಿಗಿ.ಏ.22: ಮಹಾತ್ಮ ಗಾಂಧೀಜಿ ಒಬ್ಬ ವ್ಯಕ್ತಿ ಅಲ್ಲ, ಅವರು ದೈವಶಕ್ತಿ ಎಂದು ಮಹಾನ್ ಸಂತರು ಹೇಳಿದ್ದಾರೆ. ಸತ್ಯ, ಅಹಿಂಸೆ ಮತ್ತು ತ್ಯಾಗದ ಮೂಲಕ ದೇಶಕ್ಕೆ ಸ್ವಾತಂತ್ರ್ಯ ತಂದುಕೊಟ್ಟ ಮಹಾನ್ ನಾಯಕ ಎಂದು ಉಪನ್ಯಾಸಕರು ಅಭಿಪ್ರಾಯಪಟ್ಟರು. ಪಟ್ಟಣದ ಸರ್ಕಾರಿ ಪ್ರಥಮ ದರ್ಜೆ ಕಾಲೇಜಿನಲ್ಲಿ ಗಾಂಧಿ ಅಧ್ಯಯನ ಕೇಂದ್ರದ ವತಿಯಿಂದ ಹಮ್ಮಿಕೊಂಡಿದ್ದ ವಿಶೇಷ ಉಪನ್ಯಾಸ ಕಾರ್ಯಕ್ರಮದಲ್ಲಿ ಅವರು ಮಾತನಾಡಿದರು. 1924ರ ಬೆಳಗಾವಿ ಕಾಂಗ್ರೆಸ್ ಅಧಿವೇಶನದ ಅಧ್ಯಕ್ಷತೆ ವಹಿಸಿದ್ದ ಗಾಂಧೀಜಿ ಕರ್ನಾಟಕದೊಂದಿಗೆ ವಿಶೇಷ ನಂಟು ಹೊಂದಿದ್ದರು. ವಿದ್ಯಾರ್ಥಿಗಳು ಗಾಂಧೀಜಿಯ ತತ್ವಗಳನ್ನು ಅಳವಡಿಸಿಕೊಳ್ಳಬೇಕು. ಕಾರ್ಯಕ್ರಮದಲ್ಲಿ ಪ್ರಾಂಶುಪಾಲರು, ಅಧ್ಯಾಪಕರು ಹಾಗೂ ವಿದ್ಯಾರ್ಥಿಗಳು ಭಾಗವಹಿಸಿದ್ದರು. ಗಾಂಧೀಜಿಯ ಜೀವನ ಕುರಿತ ಸಾಕ್ಷ್ಯಚಿತ್ರ ಪ್ರದರ್ಶಿಸಲಾಯಿತು.
ರಸ್ತೆ ಅಗಲೀಕರಣ ತ್ವರಿತಗತಿಯಲ್ಲಿ ಮುಗಿಸಿ- ವಿದ್ಯುತ್, ನೀರು ಒದಗಿಸಿ
ಸುವರ್ಣವಾಹಿನಿ ಸುದ್ದಿ ಕಂಪ್ಲಿ.ಏ.22: ಪಟ್ಟಣದ ಪ್ರಮುಖ ರಸ್ತೆಗಳ ಅಗಲೀಕರಣ ಕಾಮಗಾರಿಯನ್ನು ತ್ವರಿತಗತಿಯಲ್ಲಿ ಮುಗಿಸಿ, ಸಾರ್ವಜನಿಕರಿಗೆ ವಿದ್ಯುತ್ ಹಾಗೂ ಕುಡಿಯುವ ನೀರಿನ ಸೌಲಭ್ಯ ಒದಗಿಸಬೇಕು ಎಂದು ನಾಗರಿಕರು ಒತ್ತಾಯಿಸಿದ್ದಾರೆ. ಕಳೆದ ಹಲವು ತಿಂಗಳುಗಳಿಂದ ಕಾಮಗಾರಿ ನಿಧಾನಗತಿಯಲ್ಲಿ ಸಾಗುತ್ತಿದ್ದು, ವ್ಯಾಪಾರಿಗಳು ಹಾಗೂ ನಿವಾಸಿಗಳು ತೀವ್ರ ತೊಂದರೆ ಅನುಭವಿಸುತ್ತಿದ್ದಾರೆ. ರಸ್ತೆ ಬದಿಯ ಕಟ್ಟಡಗಳನ್ನು ತೆರವುಗೊಳಿಸಲಾಗಿದ್ದು, ಧೂಳಿನಿಂದ ಜನರು ಪರದಾಡುವಂತಾಗಿದೆ. ವಿದ್ಯುತ್ ಕಂಬಗಳನ್ನು ಸ್ಥಳಾಂತರಿಸದ ಕಾರಣ ವಿದ್ಯುತ್ ಪೂರೈಕೆಯಲ್ಲಿ ವ್ಯತ್ಯಯವಾಗುತ್ತಿದೆ. ಕುಡಿಯುವ ನೀರಿನ ಪೈಪ್‌ಲೈನ್ ಹಾನಿಗೊಂಡಿದ್ದು, ಸಮರ್ಪಕ ನೀರು ಪೂರೈಕೆಯಾಗುತ್ತಿಲ್ಲ. ಸಂಬಂಧಿಸಿದ ಅಧಿಕಾರಿಗಳು ಕೂಡಲೇ ಕ್ರಮ ಕೈಗೊಳ್ಳಬೇಕು ಎಂದು ಆಗ್ರಹಿಸಿದ್ದಾರೆ.
ಕಂಪ್ಲಿ ಪಟ್ಟಣದ ರಸ್ತೆ ಅಗಲೀಕರಣ ಕಾಮಗಾರಿಯಿಂದ ವಿದ್ಯುತ್ ಕಂಬಗಳು ತೆರವುಗೊಳ್ಳದೆ ನೀರು ಪೂರೈಕೆ ಹಾಗೂ ವಿದ್ಯುತ್ ಸರಬರಾಜಿನಲ್ಲಿ ವ್ಯತ್ಯಯವಾಗಿದ್ದು ಸಾರ್ವಜನಿಕರು ಪರದಾಡುತ್ತಿರುವುದು.
-ಕೆ.ಮಂಜುನಾಥ, ಮನೆಯೆಲ್ಲಿ ಕಂಪ್ಲಿ
ಸುವರ್ಣವಾಹಿನಿ ಸುದ್ದಿ ಕಂಪ್ಲಿ.ಏ.22: ಪಟ್ಟಣದ ಪ್ರಮುಖ ರಸ್ತೆಗಳ ಅಗಲೀಕರಣ ಕಾಮಗಾರಿಯನ್ನು ತ್ವರಿತಗತಿಯಲ್ಲಿ ಮುಗಿಸಿ, ಸಾರ್ವಜನಿಕರಿಗೆ ವಿದ್ಯುತ್ ಹಾಗೂ ಕುಡಿಯುವ ನೀರಿನ ಸೌಲಭ್ಯ ಒದಗಿಸಬೇಕು ಎಂದು ನಾಗರಿಕರು ಒತ್ತಾಯಿಸಿದ್ದಾರೆ. ಕಳೆದ ಹಲವು ತಿಂಗಳುಗಳಿಂದ ಕಾಮಗಾರಿ ನಿಧಾನಗತಿಯಲ್ಲಿ ಸಾಗುತ್ತಿದ್ದು, ವ್ಯಾಪಾರಿಗಳು ಹಾಗೂ ನಿವಾಸಿಗಳು ತೀವ್ರ ತೊಂದರೆ ಅನುಭವಿಸುತ್ತಿದ್ದಾರೆ. ರಸ್ತೆ ಬದಿಯ ಕಟ್ಟಡಗಳನ್ನು ತೆರವುಗೊಳಿಸಲಾಗಿದ್ದು, ಧೂಳಿನಿಂದ ಜನರು ಪರದಾಡುವಂತಾಗಿದೆ. ವಿದ್ಯುತ್ ಕಂಬಗಳನ್ನು ಸ್ಥಳಾಂತರಿಸದ ಕಾರಣ ವಿದ್ಯುತ್ ಪೂರೈಕೆಯಲ್ಲಿ ವ್ಯತ್ಯಯವಾಗುತ್ತಿದೆ. ಕುಡಿಯುವ ನೀರಿನ ಪೈಪ್‌ಲೈನ್ ಹಾನಿಗೊಂಡಿದ್ದು, ಸಮರ್ಪಕ ನೀರು ಪೂರೈಕೆಯಾಗುತ್ತಿಲ್ಲ. ಸಂಬಂಧಿಸಿದ ಅಧಿಕಾರಿಗಳು ಕೂಡಲೇ ಕ್ರಮ ಕೈಗೊಳ್ಳಬೇಕು ಎಂದು ಆಗ್ರಹಿಸಿದ್ದಾರೆ.
ಸುವರ್ಣವಾಹಿನಿ ಸುದ್ದಿ ಕಂಪ್ಲಿ.ಏ.22: ಪಟ್ಟಣದ ಪ್ರಮುಖ ರಸ್ತೆಗಳ ಅಗಲೀಕರಣ ಕಾಮಗಾರಿಯನ್ನು ತ್ವರಿತಗತಿಯಲ್ಲಿ ಮುಗಿಸಿ, ಸಾರ್ವಜನಿಕರಿಗೆ ವಿದ್ಯುತ್ ಹಾಗೂ ಕುಡಿಯುವ ನೀರಿನ ಸೌಲಭ್ಯ ಒದಗಿಸಬೇಕು ಎಂದು ನಾಗರಿಕರು ಒತ್ತಾಯಿಸಿದ್ದಾರೆ. ಕಳೆದ ಹಲವು ತಿಂಗಳುಗಳಿಂದ ಕಾಮಗಾರಿ ನಿಧಾನಗತಿಯಲ್ಲಿ ಸಾಗುತ್ತಿದ್ದು, ವ್ಯಾಪಾರಿಗಳು ಹಾಗೂ ನಿವಾಸಿಗಳು ತೀವ್ರ ತೊಂದರೆ ಅನುಭವಿಸುತ್ತಿದ್ದಾರೆ. ರಸ್ತೆ ಬದಿಯ ಕಟ್ಟಡಗಳನ್ನು ತೆರವುಗೊಳಿಸಲಾಗಿದ್ದು, ಧೂಳಿನಿಂದ ಜನರು ಪರದಾಡುವಂತಾಗಿದೆ. ವಿದ್ಯುತ್ ಕಂಬಗಳನ್ನು ಸ್ಥಳಾಂತರಿಸದ ಕಾರಣ ವಿದ್ಯುತ್ ಪೂರೈಕೆಯಲ್ಲಿ ವ್ಯತ್ಯಯವಾಗುತ್ತಿದೆ. ಕುಡಿಯುವ ನೀರಿನ ಪೈಪ್‌ಲೈನ್ ಹಾನಿಗೊಂಡಿದ್ದು, ಸಮರ್ಪಕ ನೀರು ಪೂರೈಕೆಯಾಗುತ್ತಿಲ್ಲ. ಸಂಬಂಧಿಸಿದ ಅಧಿಕಾರಿಗಳು ಕೂಡಲೇ ಕ್ರಮ ಕೈಗೊಳ್ಳಬೇಕು ಎಂದು ಆಗ್ರಹಿಸಿದ್ದಾರೆ.
